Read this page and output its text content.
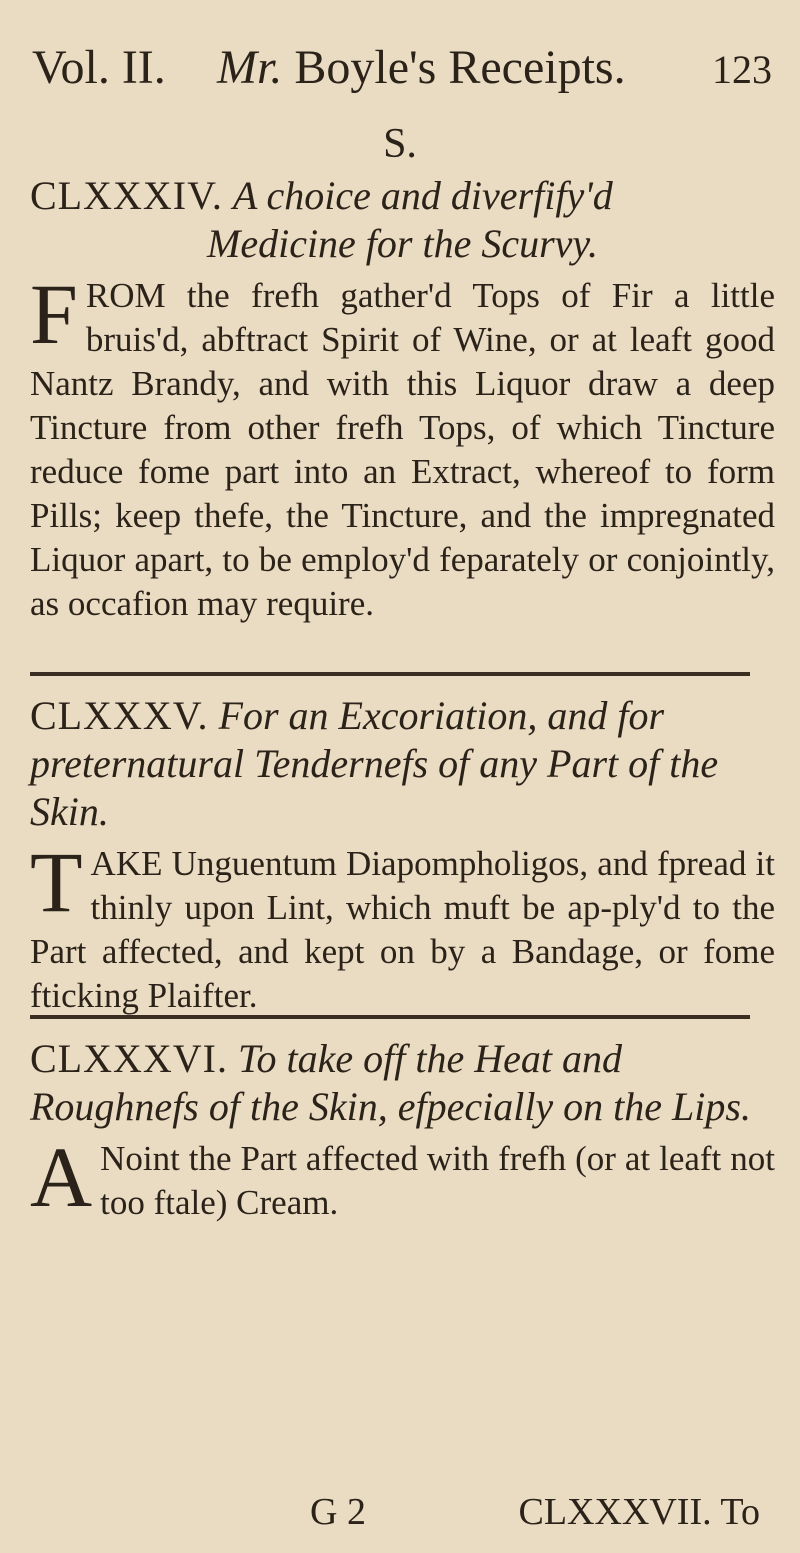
Vol. II. Mr. Boyle's Receipts. 123
S.
CLXXXIV. A choice and diverfify'd
Medicine for the Scurvy.
FROM the frefh gather'd Tops of Fir a little bruis'd, abftract Spirit of Wine, or at leaft good Nantz Brandy, and with this Liquor draw a deep Tincture from other frefh Tops, of which Tincture reduce fome part into an Extract, whereof to form Pills; keep thefe, the Tincture, and the impregnated Liquor apart, to be employ'd feparately or conjointly, as occafion may require.
CLXXXV. For an Excoriation, and for preternatural Tendernefs of any Part of the Skin.
TAKE Unguentum Diapompholigos, and fpread it thinly upon Lint, which muft be ap-ply'd to the Part affected, and kept on by a Bandage, or fome fticking Plaifter.
CLXXXVI. To take off the Heat and Roughnefs of the Skin, efpecially on the Lips.
A Noint the Part affected with frefh (or at leaft not too ftale) Cream.
G 2	CLXXXVII. To
